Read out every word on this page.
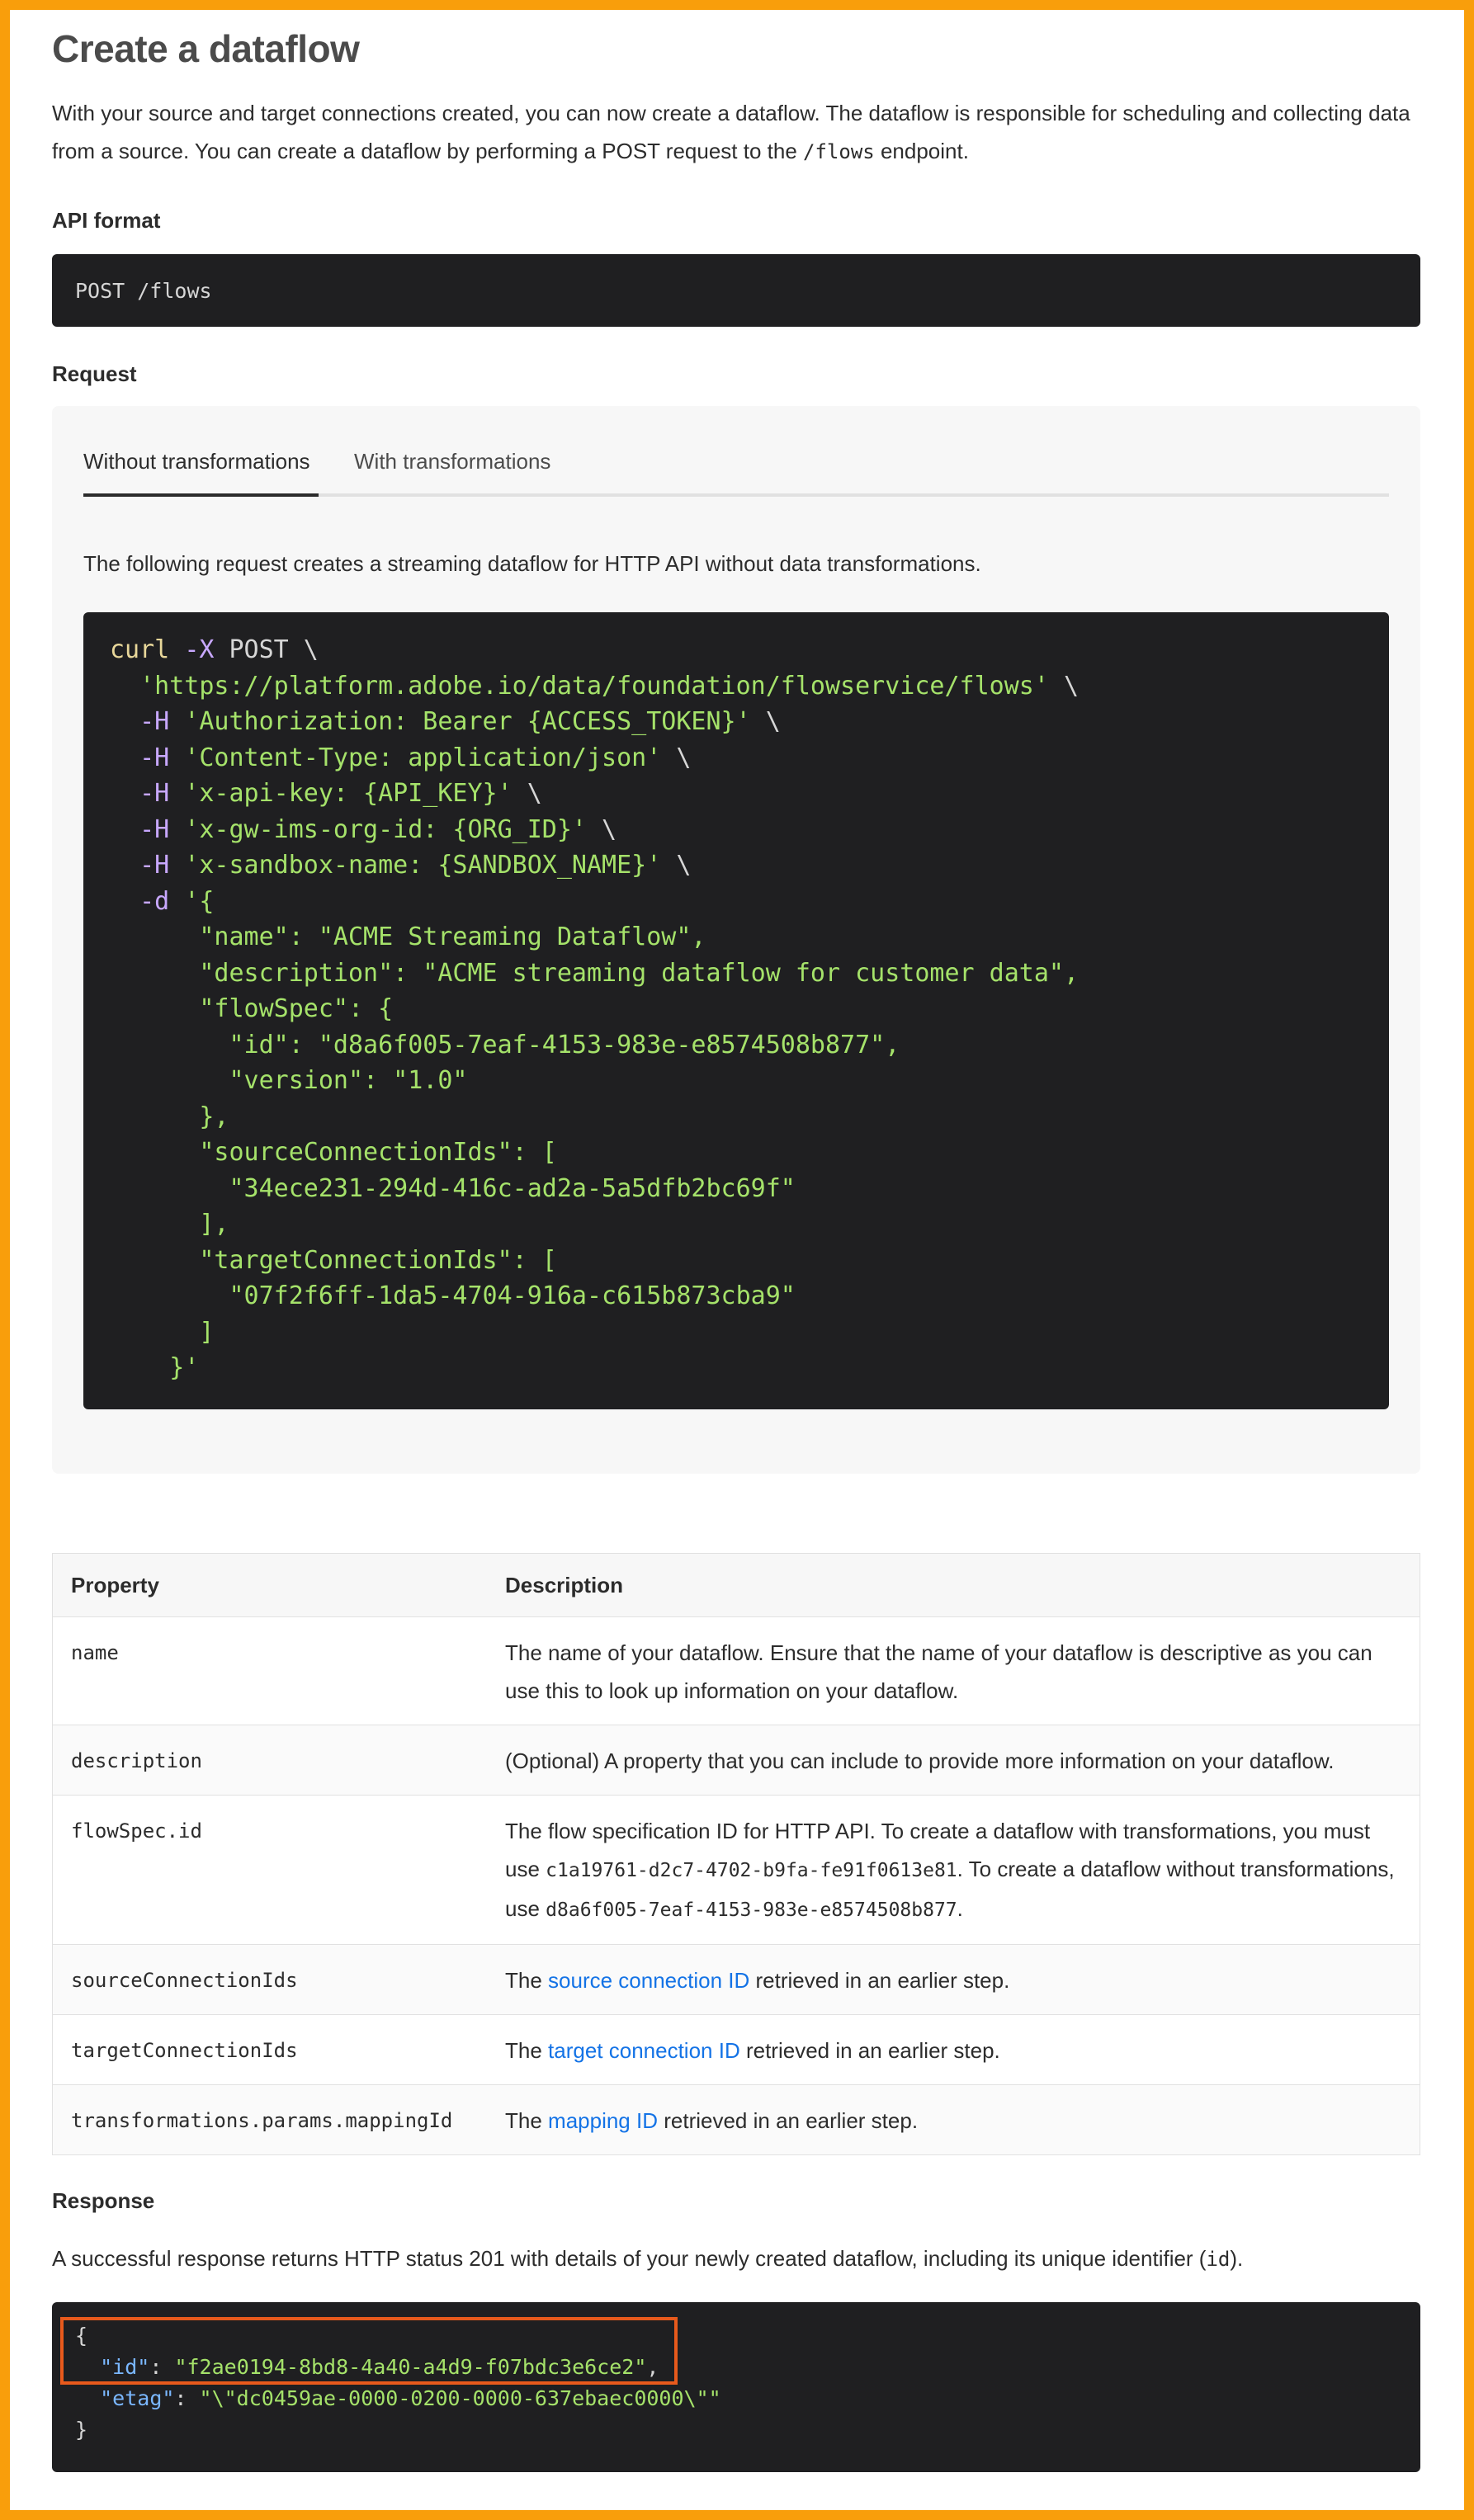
Create a dataflow

With your source and target connections created, you can now create a dataflow. The dataflow is responsible for scheduling and collecting data from a source. You can create a dataflow by performing a POST request to the /flows endpoint.

API format
POST /flows
Request
Without transformations	With transformations
The following request creates a streaming dataflow for HTTP API without data transformations.
curl -X POST \
'https://platform.adobe.io/data/foundation/flowservice/flows' \
-H 'Authorization: Bearer {ACCESS_TOKEN}' \
-H 'Content-Type: application/json' \
-H 'x-api-key: {API_KEY}' \
-H 'x-gw-ims-org-id: {ORG_ID}' \
-H 'x-sandbox-name: {SANDBOX_NAME}' \
-d '{
"name": "ACME Streaming Dataflow",
"description": "ACME streaming dataflow for customer data",
"flowSpec": {
"id": "d8a6f005-7eaf-4153-983e-e8574508b877",
"version": "1.0"
},
"sourceConnectionIds": [
"34ece231-294d-416c-ad2a-5a5dfb2bc69f"
],
"targetConnectionIds": [
"07f2f6ff-1da5-4704-916a-c615b873cba9"
]
}'
Property	Description
name	The name of your dataflow. Ensure that the name of your dataflow is descriptive as you can use this to look up information on your dataflow.
description	(Optional) A property that you can include to provide more information on your dataflow.
flowSpec.id	The flow specification ID for HTTP API. To create a dataflow with transformations, you must use c1a19761-d2c7-4702-b9fa-fe91f0613e81. To create a dataflow without transformations, use d8a6f005-7eaf-4153-983e-e8574508b877.
sourceConnectionIds	The source connection ID retrieved in an earlier step.
targetConnectionIds	The target connection ID retrieved in an earlier step.
transformations.params.mappingId	The mapping ID retrieved in an earlier step.
Response
A successful response returns HTTP status 201 with details of your newly created dataflow, including its unique identifier (id).
{
"id": "f2ae0194-8bd8-4a40-a4d9-f07bdc3e6ce2",
"etag": "\"dc0459ae-0000-0200-0000-637ebaec0000\""
}
